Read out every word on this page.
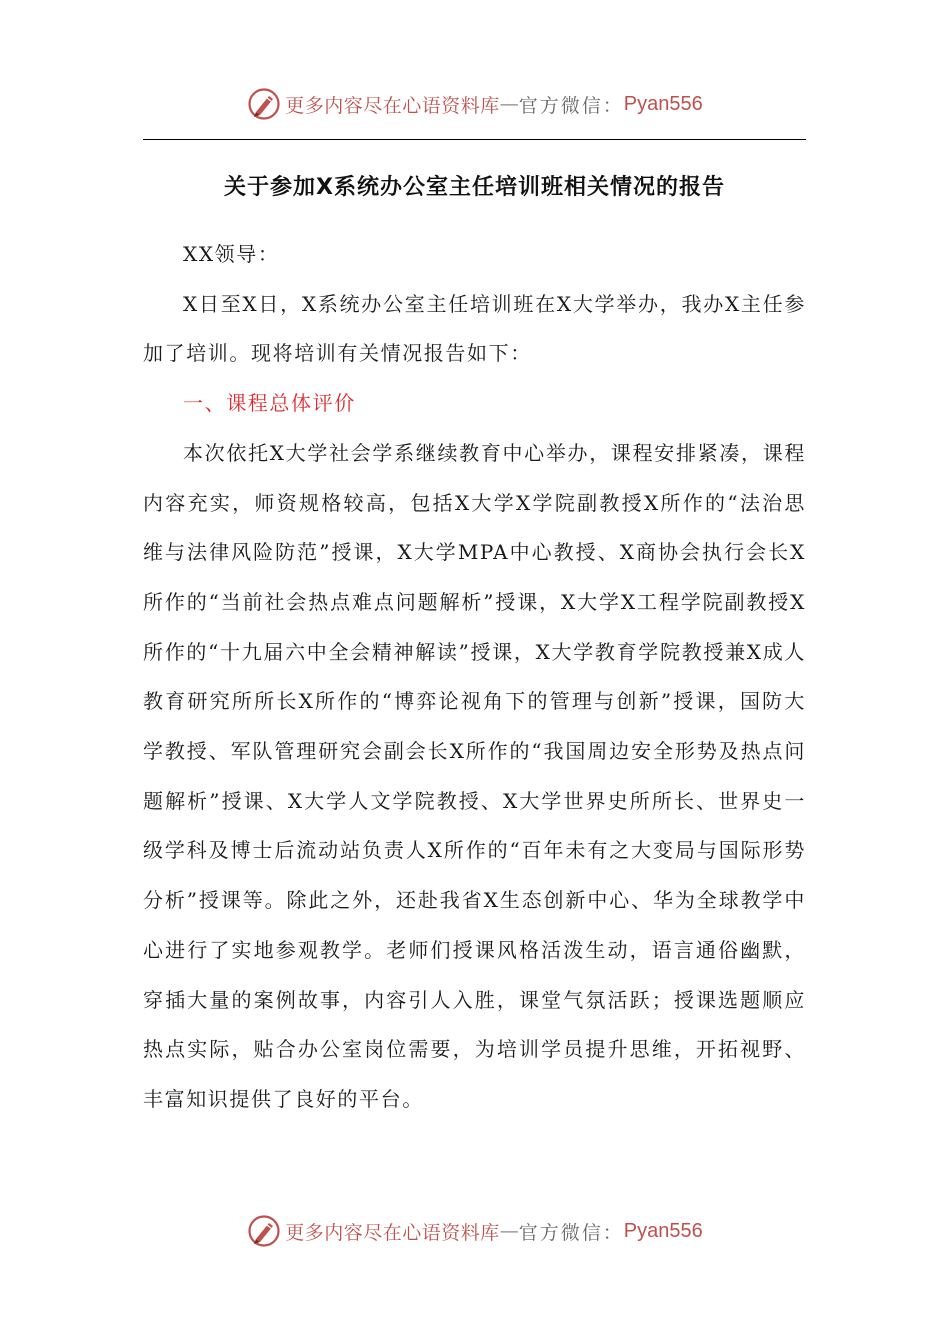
更多内容尽在心语资料库 — 官方微信： Pyan556
关于参加X系统办公室主任培训班相关情况的报告

XX领导：

X日至X日，X系统办公室主任培训班在X大学举办，我办X主任参加了培训。现将培训有关情况报告如下：

一、课程总体评价

本次依托X大学社会学系继续教育中心举办，课程安排紧凑，课程内容充实，师资规格较高，包括X大学X学院副教授X所作的“法治思维与法律风险防范”授课，X大学MPA中心教授、X商协会执行会长X所作的“当前社会热点难点问题解析”授课，X大学X工程学院副教授X所作的“十九届六中全会精神解读”授课，X大学教育学院教授兼X成人教育研究所所长X所作的“博弈论视角下的管理与创新”授课，国防大学教授、军队管理研究会副会长X所作的“我国周边安全形势及热点问题解析”授课、X大学人文学院教授、X大学世界史所所长、世界史一级学科及博士后流动站负责人X所作的“百年未有之大变局与国际形势分析”授课等。除此之外，还赴我省X生态创新中心、华为全球教学中心进行了实地参观教学。老师们授课风格活泼生动，语言通俗幽默，穿插大量的案例故事，内容引人入胜，课堂气氛活跃；授课选题顺应热点实际，贴合办公室岗位需要，为培训学员提升思维，开拓视野、丰富知识提供了良好的平台。

更多内容尽在心语资料库 — 官方微信： Pyan556
